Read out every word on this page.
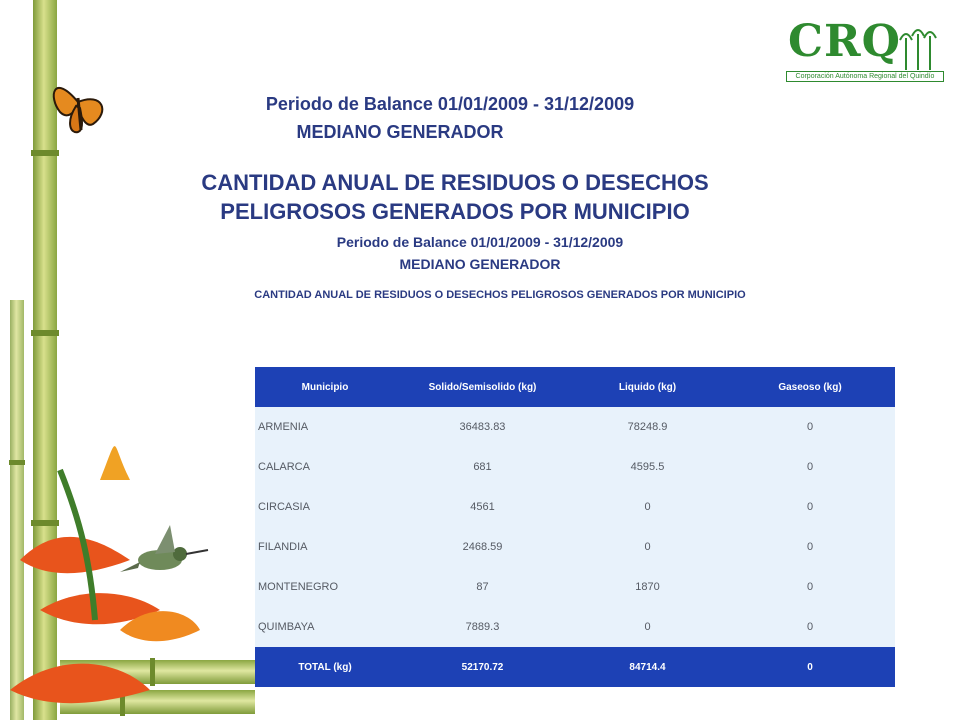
CRQ
Corporación Autónoma Regional del Quindío
Periodo de Balance 01/01/2009 - 31/12/2009
MEDIANO GENERADOR
CANTIDAD ANUAL DE RESIDUOS O DESECHOS PELIGROSOS GENERADOS POR MUNICIPIO
Periodo de Balance 01/01/2009 - 31/12/2009
MEDIANO GENERADOR
CANTIDAD ANUAL DE RESIDUOS O DESECHOS PELIGROSOS GENERADOS POR MUNICIPIO
Municipio	Solido/Semisolido (kg)	Liquido (kg)	Gaseoso (kg)
ARMENIA	36483.83	78248.9	0
CALARCA	681	4595.5	0
CIRCASIA	4561	0	0
FILANDIA	2468.59	0	0
MONTENEGRO	87	1870	0
QUIMBAYA	7889.3	0	0
TOTAL (kg)	52170.72	84714.4	0
